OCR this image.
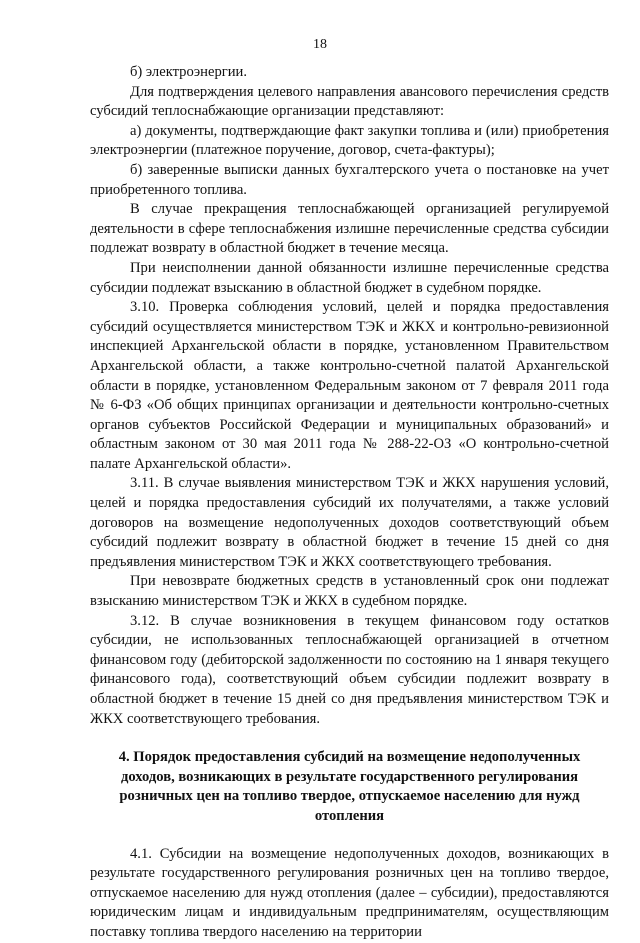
18

б) электроэнергии.

Для подтверждения целевого направления авансового перечисления средств субсидий теплоснабжающие организации представляют:

а) документы, подтверждающие факт закупки топлива и (или) приобретения электроэнергии (платежное поручение, договор, счета-фактуры);

б) заверенные выписки данных бухгалтерского учета о постановке на учет приобретенного топлива.

В случае прекращения теплоснабжающей организацией регулируемой деятельности в сфере теплоснабжения излишне перечисленные средства субсидии подлежат возврату в областной бюджет в течение месяца.

При неисполнении данной обязанности излишне перечисленные средства субсидии подлежат взысканию в областной бюджет в судебном порядке.

3.10. Проверка соблюдения условий, целей и порядка предоставления субсидий осуществляется министерством ТЭК и ЖКХ и контрольно-ревизионной инспекцией Архангельской области в порядке, установленном Правительством Архангельской области, а также контрольно-счетной палатой Архангельской области в порядке, установленном Федеральным законом от 7 февраля 2011 года № 6-ФЗ «Об общих принципах организации и деятельности контрольно-счетных органов субъектов Российской Федерации и муниципальных образований» и областным законом от 30 мая 2011 года № 288-22-ОЗ «О контрольно-счетной палате Архангельской области».

3.11. В случае выявления министерством ТЭК и ЖКХ нарушения условий, целей и порядка предоставления субсидий их получателями, а также условий договоров на возмещение недополученных доходов соответствующий объем субсидий подлежит возврату в областной бюджет в течение 15 дней со дня предъявления министерством ТЭК и ЖКХ соответствующего требования.

При невозврате бюджетных средств в установленный срок они подлежат взысканию министерством ТЭК и ЖКХ в судебном порядке.

3.12. В случае возникновения в текущем финансовом году остатков субсидии, не использованных теплоснабжающей организацией в отчетном финансовом году (дебиторской задолженности по состоянию на 1 января текущего финансового года), соответствующий объем субсидии подлежит возврату в областной бюджет в течение 15 дней со дня предъявления министерством ТЭК и ЖКХ соответствующего требования.

4. Порядок предоставления субсидий на возмещение недополученных доходов, возникающих в результате государственного регулирования розничных цен на топливо твердое, отпускаемое населению для нужд отопления

4.1. Субсидии на возмещение недополученных доходов, возникающих в результате государственного регулирования розничных цен на топливо твердое, отпускаемое населению для нужд отопления (далее – субсидии), предоставляются юридическим лицам и индивидуальным предпринимателям, осуществляющим поставку топлива твердого населению на территории
